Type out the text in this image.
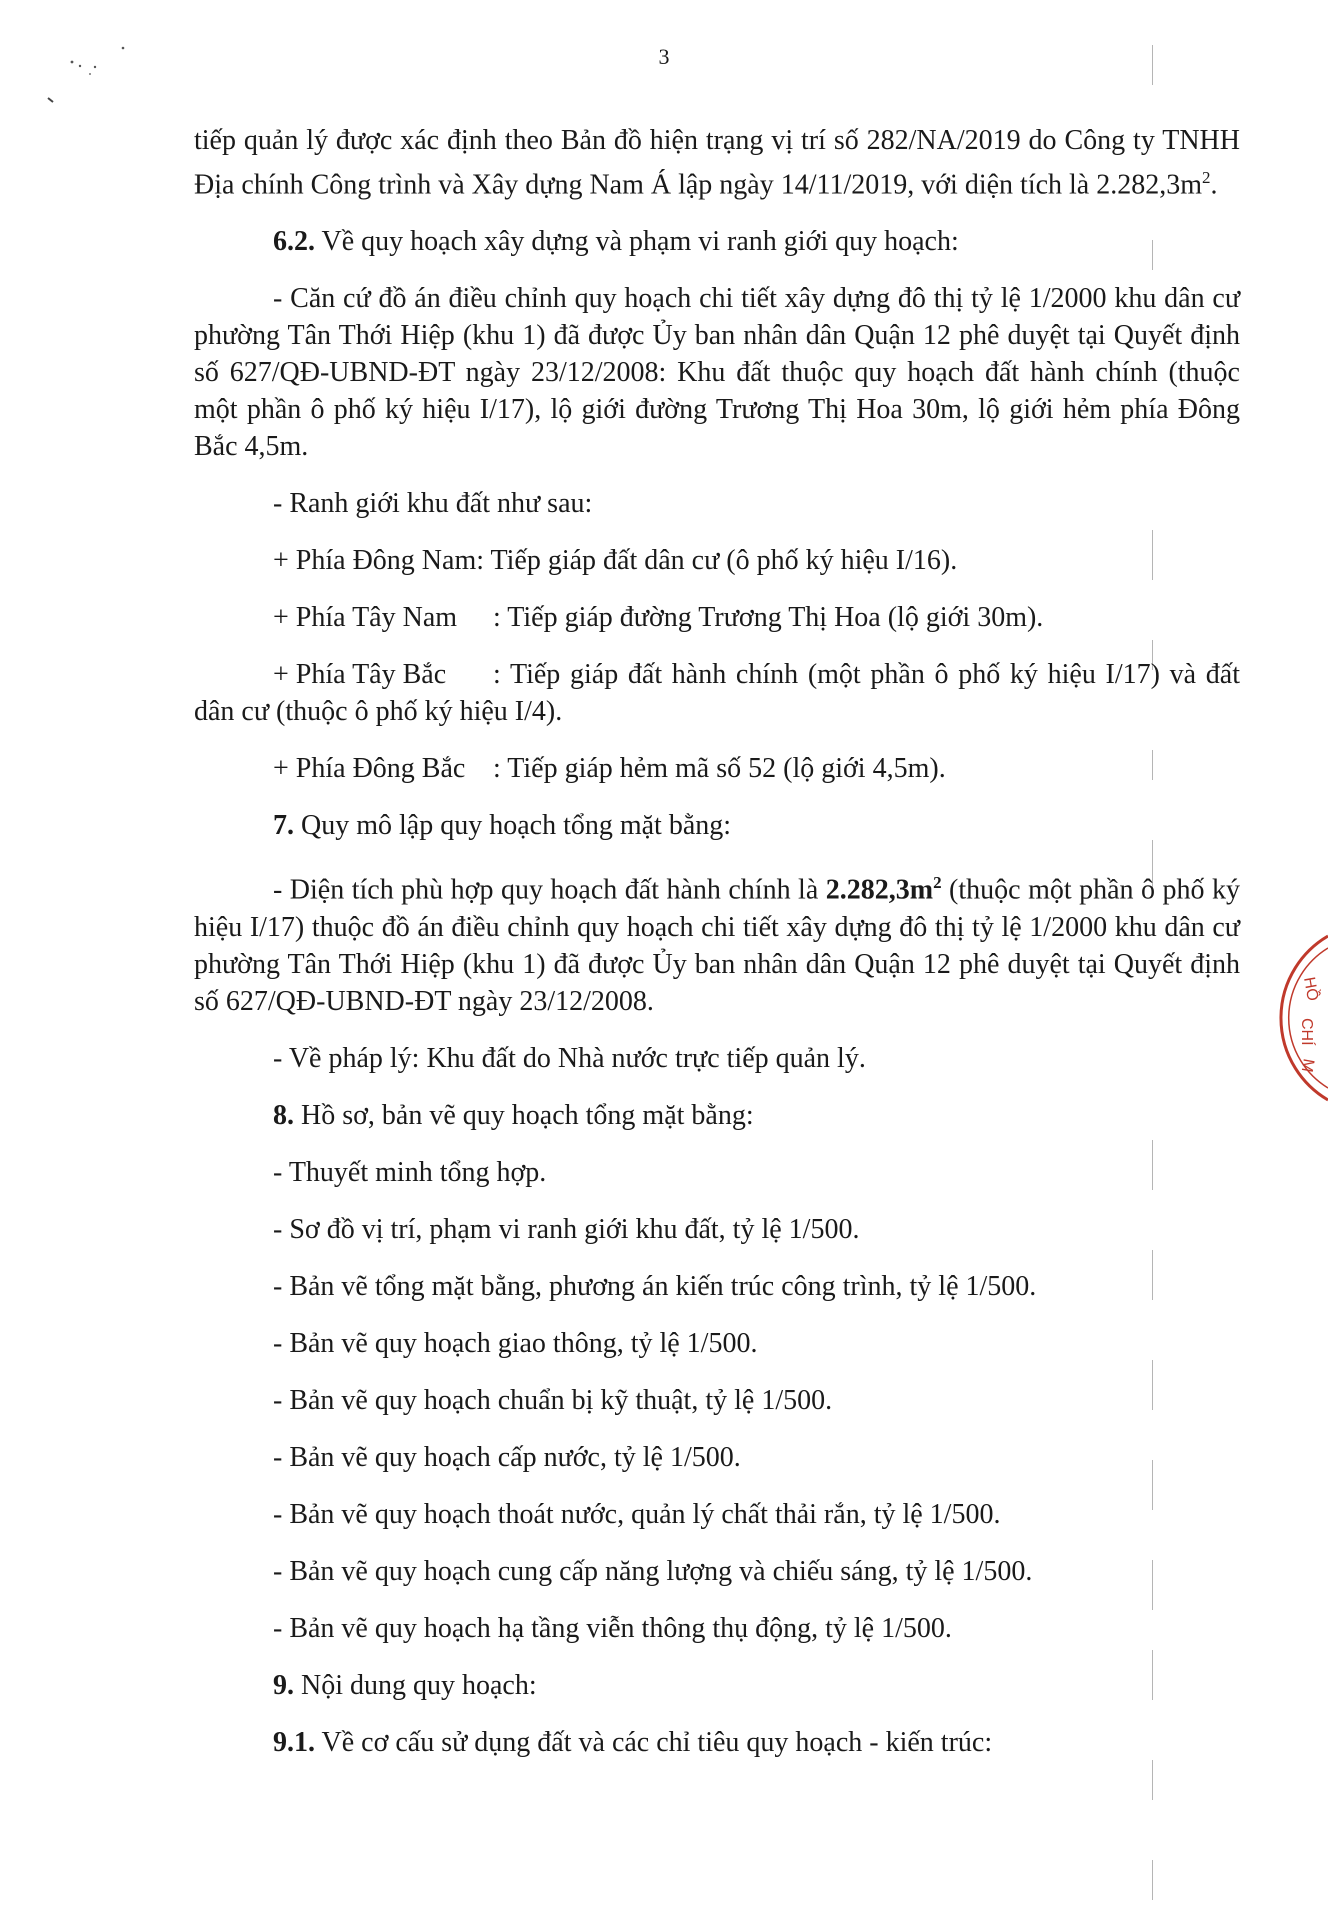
HỒ
CHÍ
M
3

tiếp quản lý được xác định theo Bản đồ hiện trạng vị trí số 282/NA/2019 do Công ty TNHH Địa chính Công trình và Xây dựng Nam Á lập ngày 14/11/2019, với diện tích là $2.282,3m^2$.

6.2. Về quy hoạch xây dựng và phạm vi ranh giới quy hoạch:

- Căn cứ đồ án điều chỉnh quy hoạch chi tiết xây dựng đô thị tỷ lệ 1/2000 khu dân cư phường Tân Thới Hiệp (khu 1) đã được Ủy ban nhân dân Quận 12 phê duyệt tại Quyết định số 627/QĐ-UBND-ĐT ngày 23/12/2008: Khu đất thuộc quy hoạch đất hành chính (thuộc một phần ô phố ký hiệu I/17), lộ giới đường Trương Thị Hoa 30m, lộ giới hẻm phía Đông Bắc 4,5m.

- Ranh giới khu đất như sau:

+ Phía Đông Nam: Tiếp giáp đất dân cư (ô phố ký hiệu I/16).

+ Phía Tây Nam : Tiếp giáp đường Trương Thị Hoa (lộ giới 30m).

+ Phía Tây Bắc : Tiếp giáp đất hành chính (một phần ô phố ký hiệu I/17) và đất dân cư (thuộc ô phố ký hiệu I/4).

+ Phía Đông Bắc : Tiếp giáp hẻm mã số 52 (lộ giới 4,5m).

7. Quy mô lập quy hoạch tổng mặt bằng:

- Diện tích phù hợp quy hoạch đất hành chính là $2.282,3m^2$ (thuộc một phần ô phố ký hiệu I/17) thuộc đồ án điều chỉnh quy hoạch chi tiết xây dựng đô thị tỷ lệ 1/2000 khu dân cư phường Tân Thới Hiệp (khu 1) đã được Ủy ban nhân dân Quận 12 phê duyệt tại Quyết định số 627/QĐ-UBND-ĐT ngày 23/12/2008.

- Về pháp lý: Khu đất do Nhà nước trực tiếp quản lý.

8. Hồ sơ, bản vẽ quy hoạch tổng mặt bằng:

- Thuyết minh tổng hợp.

- Sơ đồ vị trí, phạm vi ranh giới khu đất, tỷ lệ 1/500.

- Bản vẽ tổng mặt bằng, phương án kiến trúc công trình, tỷ lệ 1/500.

- Bản vẽ quy hoạch giao thông, tỷ lệ 1/500.

- Bản vẽ quy hoạch chuẩn bị kỹ thuật, tỷ lệ 1/500.

- Bản vẽ quy hoạch cấp nước, tỷ lệ 1/500.

- Bản vẽ quy hoạch thoát nước, quản lý chất thải rắn, tỷ lệ 1/500.

- Bản vẽ quy hoạch cung cấp năng lượng và chiếu sáng, tỷ lệ 1/500.

- Bản vẽ quy hoạch hạ tầng viễn thông thụ động, tỷ lệ 1/500.

9. Nội dung quy hoạch:

9.1. Về cơ cấu sử dụng đất và các chỉ tiêu quy hoạch - kiến trúc:
